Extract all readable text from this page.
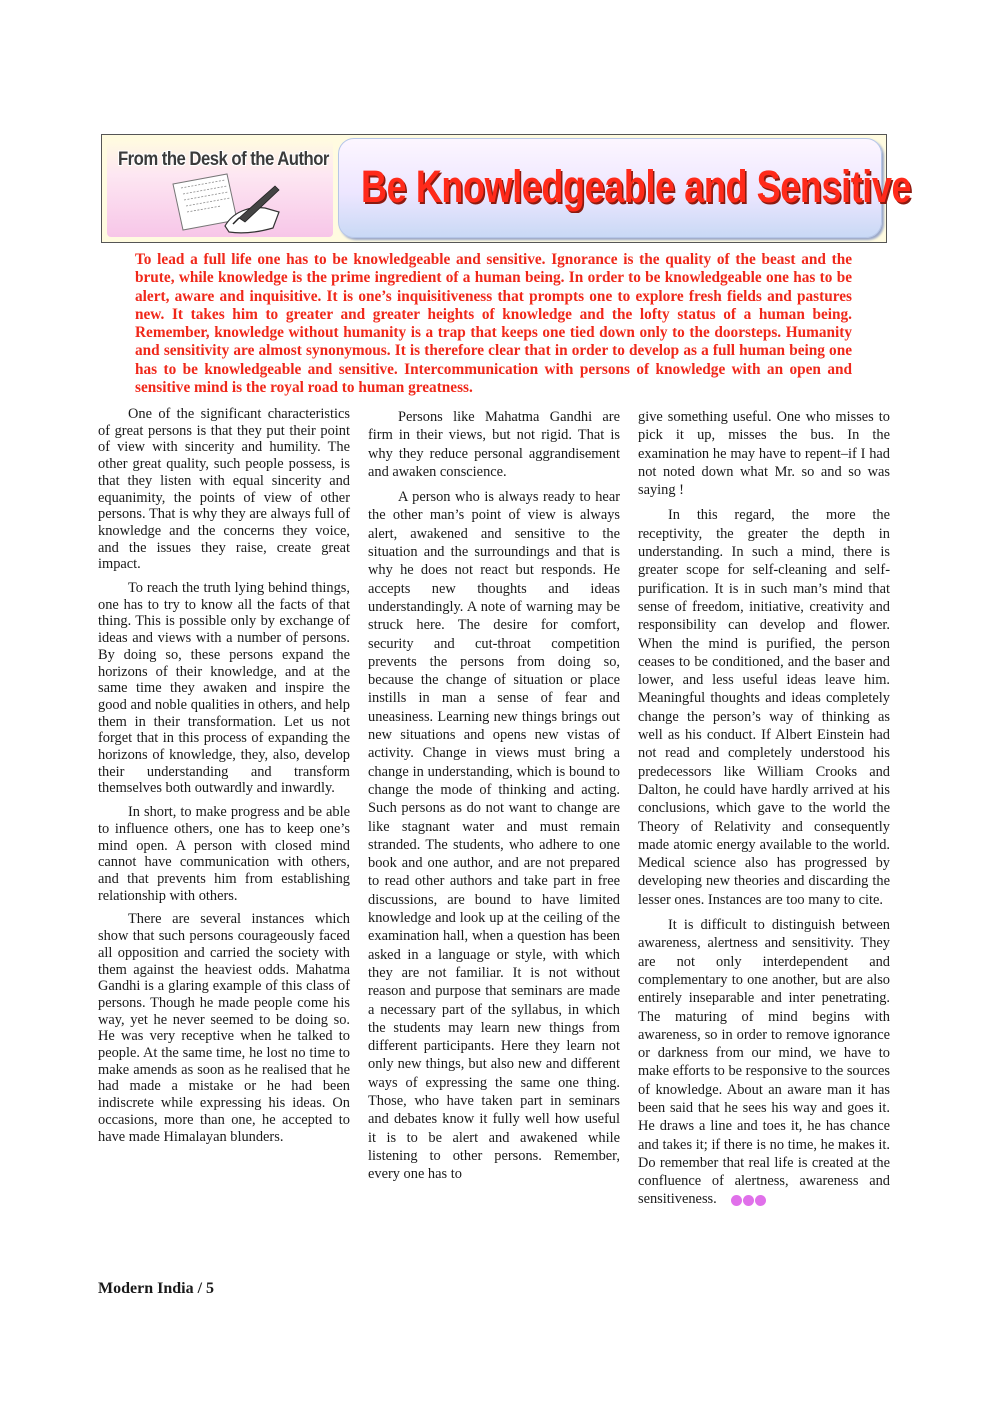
From the Desk of the Author
Be Knowledgeable and Sensitive
To lead a full life one has to be knowledgeable and sensitive. Ignorance is the quality of the beast and the brute, while knowledge is the prime ingredient of a human being. In order to be knowledgeable one has to be alert, aware and inquisitive. It is one’s inquisitiveness that prompts one to explore fresh fields and pastures new. It takes him to greater and greater heights of knowledge and the lofty status of a human being. Remember, knowledge without humanity is a trap that keeps one tied down only to the doorsteps. Humanity and sensitivity are almost synonymous. It is therefore clear that in order to develop as a full human being one has to be knowledgeable and sensitive. Intercommunication with persons of knowledge with an open and sensitive mind is the royal road to human greatness.

One of the significant characteristics of great persons is that they put their point of view with sincerity and humility. The other great quality, such people possess, is that they listen with equal sincerity and equanimity, the points of view of other persons. That is why they are always full of knowledge and the concerns they voice, and the issues they raise, create great impact.

To reach the truth lying behind things, one has to try to know all the facts of that thing. This is possible only by exchange of ideas and views with a number of persons. By doing so, these persons expand the horizons of their knowledge, and at the same time they awaken and inspire the good and noble qualities in others, and help them in their transformation. Let us not forget that in this process of expanding the horizons of knowledge, they, also, develop their understanding and transform themselves both outwardly and inwardly.

In short, to make progress and be able to influence others, one has to keep one’s mind open. A person with closed mind cannot have communication with others, and that prevents him from establishing relationship with others.

There are several instances which show that such persons courageously faced all opposition and carried the society with them against the heaviest odds. Mahatma Gandhi is a glaring example of this class of persons. Though he made people come his way, yet he never seemed to be doing so. He was very receptive when he talked to people. At the same time, he lost no time to make amends as soon as he realised that he had made a mistake or he had been indiscrete while expressing his ideas. On occasions, more than one, he accepted to have made Himalayan blunders.

Persons like Mahatma Gandhi are firm in their views, but not rigid. That is why they reduce personal aggrandisement and awaken conscience.

A person who is always ready to hear the other man’s point of view is always alert, awakened and sensitive to the situation and the surroundings and that is why he does not react but responds. He accepts new thoughts and ideas understandingly. A note of warning may be struck here. The desire for comfort, security and cut-throat competition prevents the persons from doing so, because the change of situation or place instills in man a sense of fear and uneasiness. Learning new things brings out new situations and opens new vistas of activity. Change in views must bring a change in understanding, which is bound to change the mode of thinking and acting. Such persons as do not want to change are like stagnant water and must remain stranded. The students, who adhere to one book and one author, and are not prepared to read other authors and take part in free discussions, are bound to have limited knowledge and look up at the ceiling of the examination hall, when a question has been asked in a language or style, with which they are not familiar. It is not without reason and purpose that seminars are made a necessary part of the syllabus, in which the students may learn new things from different participants. Here they learn not only new things, but also new and different ways of expressing the same one thing. Those, who have taken part in seminars and debates know it fully well how useful it is to be alert and awakened while listening to other persons. Remember, every one has to

give something useful. One who misses to pick it up, misses the bus. In the examination he may have to repent–if I had not noted down what Mr. so and so was saying !

In this regard, the more the receptivity, the greater the depth in understanding. In such a mind, there is greater scope for self-cleaning and self-purification. It is in such man’s mind that sense of freedom, initiative, creativity and responsibility can develop and flower. When the mind is purified, the person ceases to be conditioned, and the baser and lower, and less useful ideas leave him. Meaningful thoughts and ideas completely change the person’s way of thinking as well as his conduct. If Albert Einstein had not read and completely understood his predecessors like William Crooks and Dalton, he could have hardly arrived at his conclusions, which gave to the world the Theory of Relativity and consequently made atomic energy available to the world. Medical science also has progressed by developing new theories and discarding the lesser ones. Instances are too many to cite.

It is difficult to distinguish between awareness, alertness and sensitivity. They are not only interdependent and complementary to one another, but are also entirely inseparable and inter penetrating. The maturing of mind begins with awareness, so in order to remove ignorance or darkness from our mind, we have to make efforts to be responsive to the sources of knowledge. About an aware man it has been said that he sees his way and goes it. He draws a line and toes it, he has chance and takes it; if there is no time, he makes it. Do remember that real life is created at the confluence of alertness, awareness and sensitiveness.

Modern India / 5
